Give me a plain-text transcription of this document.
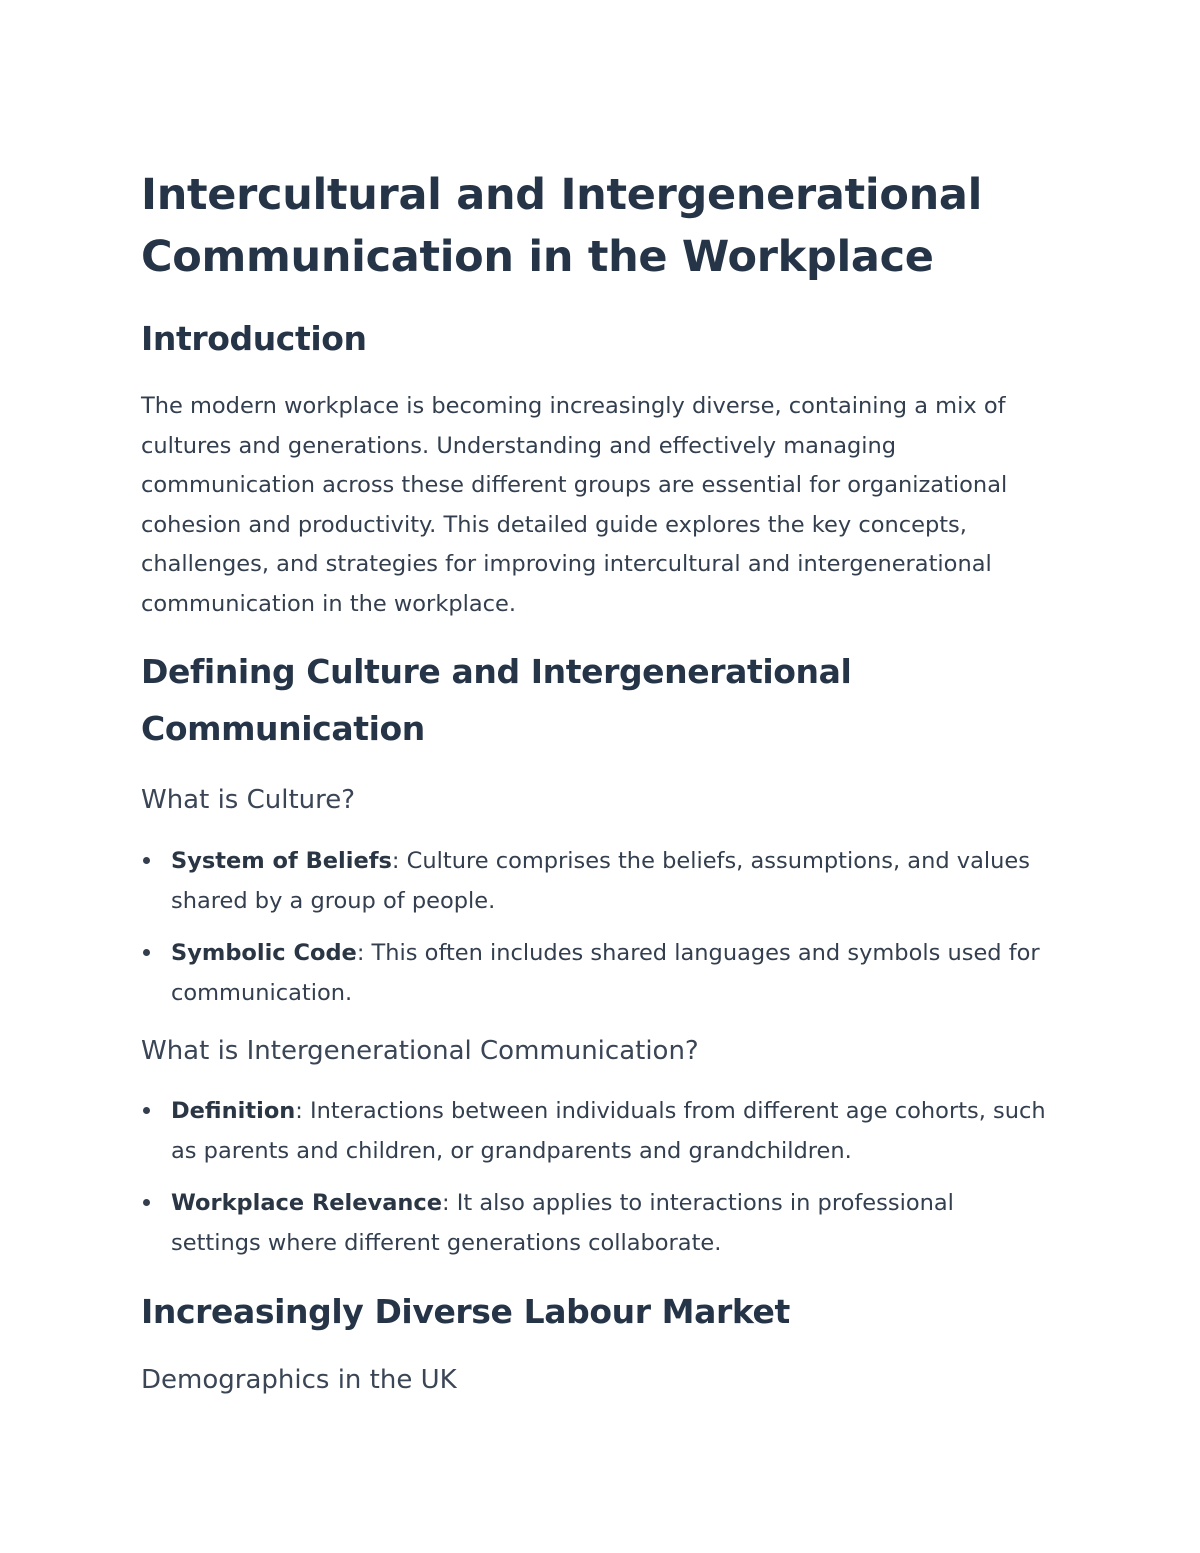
Intercultural and Intergenerational Communication in the Workplace
Introduction

The modern workplace is becoming increasingly diverse, containing a mix of cultures and generations. Understanding and effectively managing communication across these different groups are essential for organizational cohesion and productivity. This detailed guide explores the key concepts, challenges, and strategies for improving intercultural and intergenerational communication in the workplace.

Defining Culture and Intergenerational Communication
What is Culture?
System of Beliefs: Culture comprises the beliefs, assumptions, and values shared by a group of people.
Symbolic Code: This often includes shared languages and symbols used for communication.
What is Intergenerational Communication?
Definition: Interactions between individuals from different age cohorts, such as parents and children, or grandparents and grandchildren.
Workplace Relevance: It also applies to interactions in professional settings where different generations collaborate.
Increasingly Diverse Labour Market
Demographics in the UK
